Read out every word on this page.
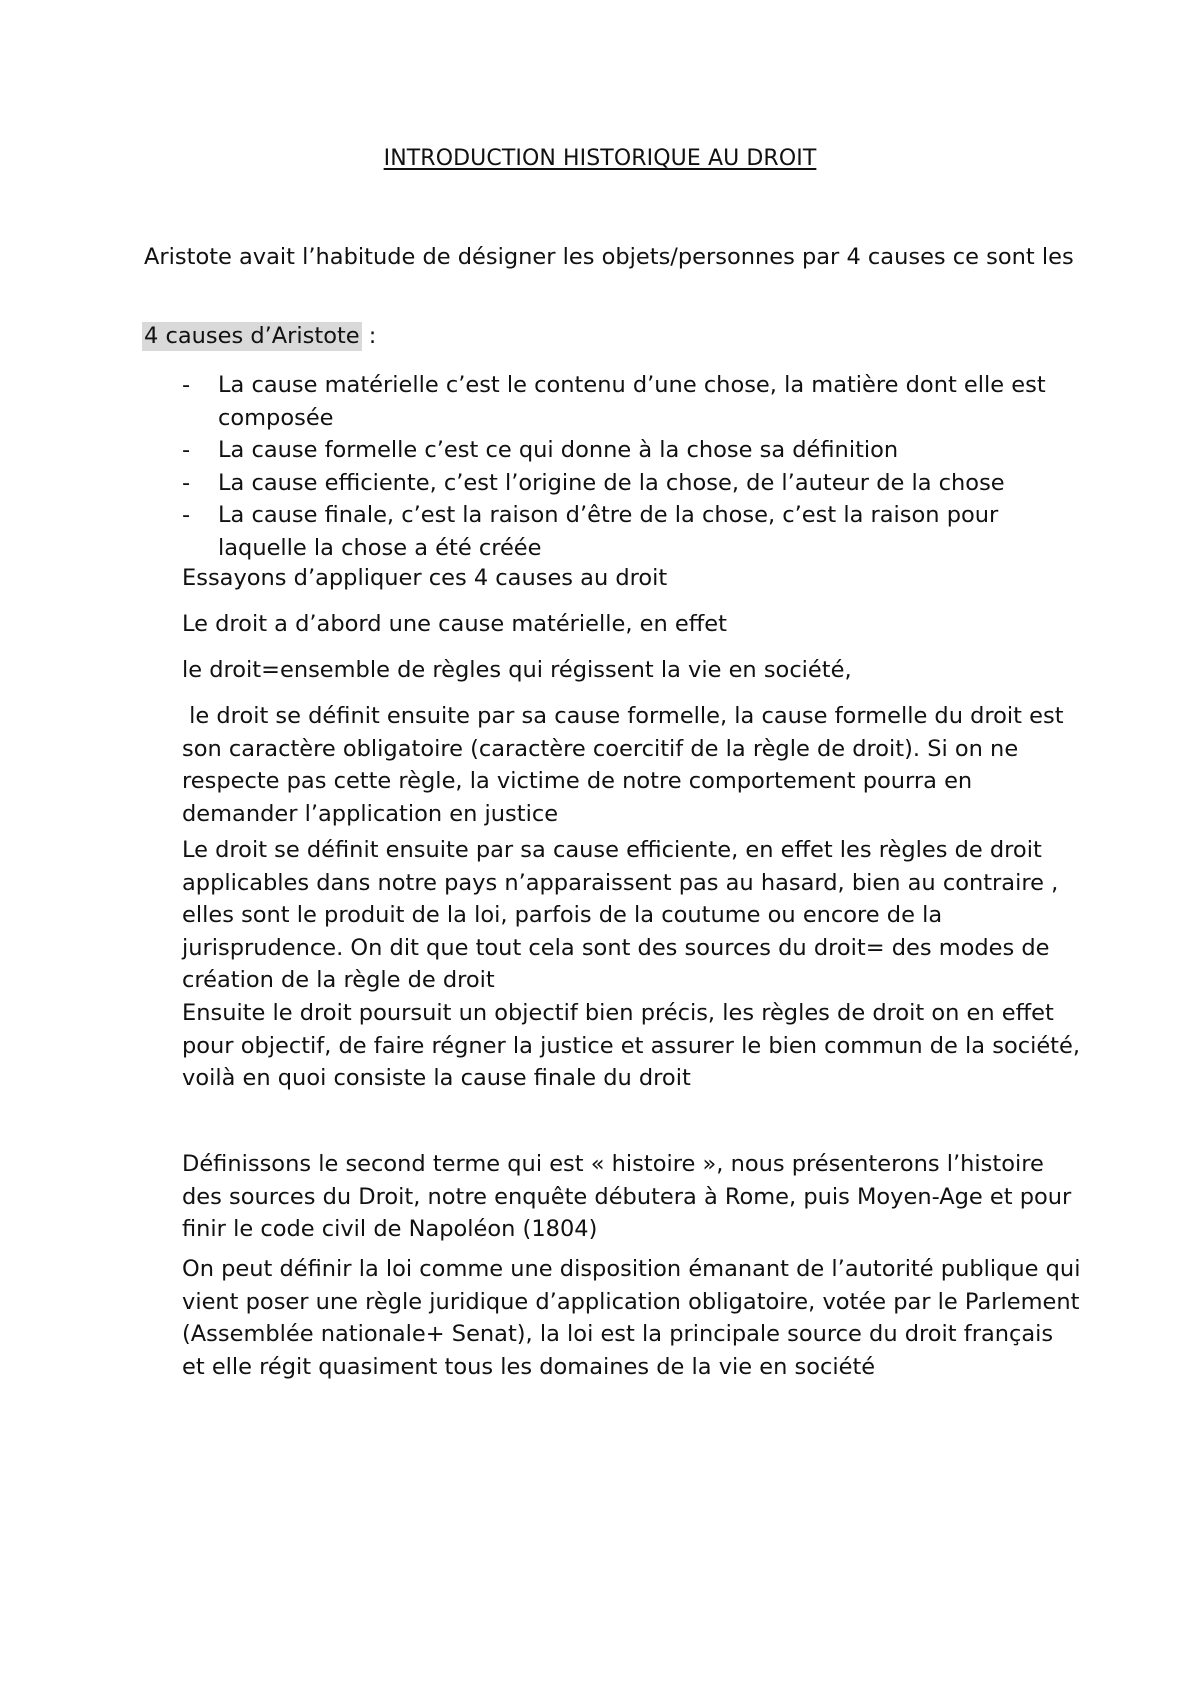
INTRODUCTION HISTORIQUE AU DROIT

Aristote avait l’habitude de désigner les objets/personnes par 4 causes ce sont les

4 causes d’Aristote :

- La cause matérielle c’est le contenu d’une chose, la matière dont elle est composée
- La cause formelle c’est ce qui donne à la chose sa définition
- La cause efficiente, c’est l’origine de la chose, de l’auteur de la chose
- La cause finale, c’est la raison d’être de la chose, c’est la raison pour laquelle la chose a été créée

Essayons d’appliquer ces 4 causes au droit

Le droit a d’abord une cause matérielle, en effet

le droit=ensemble de règles qui régissent la vie en société,

le droit se définit ensuite par sa cause formelle, la cause formelle du droit est son caractère obligatoire (caractère coercitif de la règle de droit). Si on ne respecte pas cette règle, la victime de notre comportement pourra en demander l’application en justice

Le droit se définit ensuite par sa cause efficiente, en effet les règles de droit applicables dans notre pays n’apparaissent pas au hasard, bien au contraire , elles sont le produit de la loi, parfois de la coutume ou encore de la jurisprudence. On dit que tout cela sont des sources du droit= des modes de création de la règle de droit

Ensuite le droit poursuit un objectif bien précis, les règles de droit on en effet pour objectif, de faire régner la justice et assurer le bien commun de la société, voilà en quoi consiste la cause finale du droit

Définissons le second terme qui est « histoire », nous présenterons l’histoire des sources du Droit, notre enquête débutera à Rome, puis Moyen-Age et pour finir le code civil de Napoléon (1804)

On peut définir la loi comme une disposition émanant de l’autorité publique qui vient poser une règle juridique d’application obligatoire, votée par le Parlement (Assemblée nationale+ Senat), la loi est la principale source du droit français et elle régit quasiment tous les domaines de la vie en société
